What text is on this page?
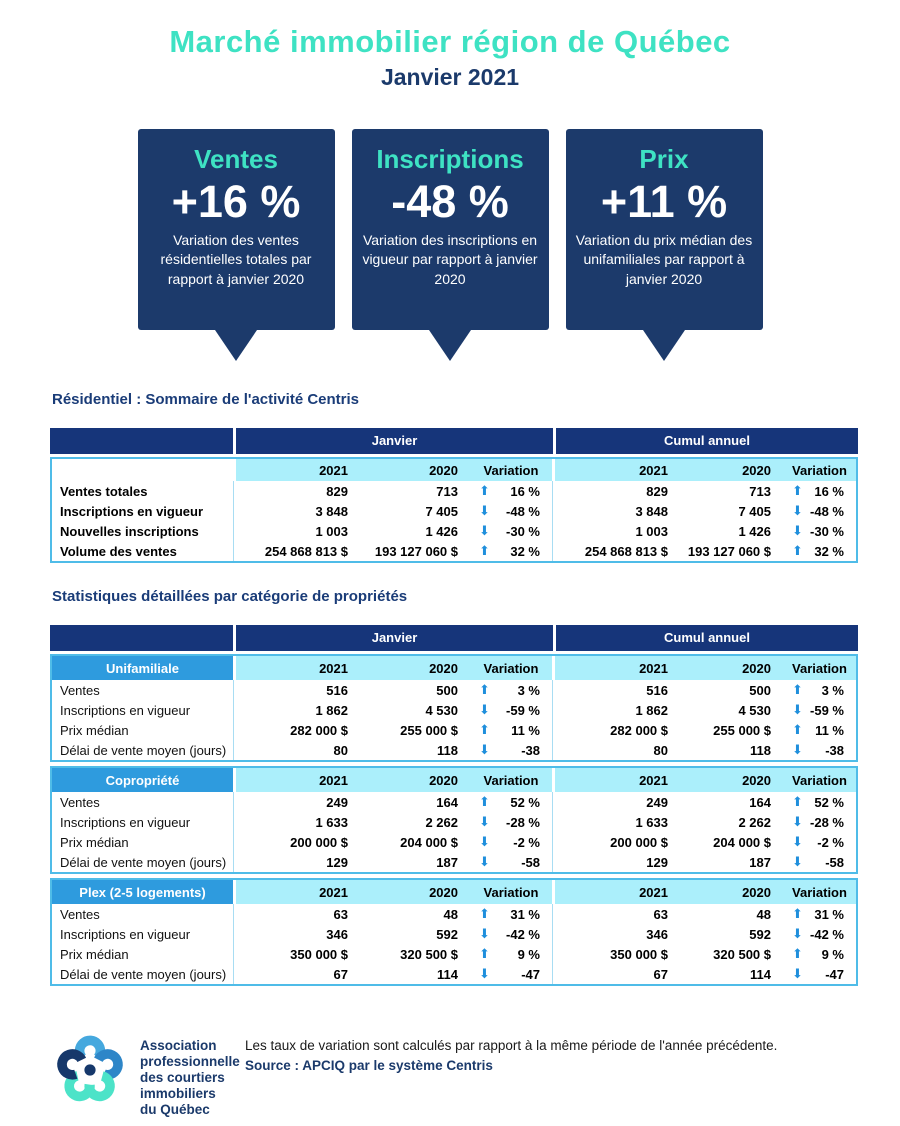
Marché immobilier région de Québec
Janvier 2021
Ventes
+16 %
Variation des ventes résidentielles totales par rapport à janvier 2020
Inscriptions
-48 %
Variation des inscriptions en vigueur par rapport à janvier 2020
Prix
+11 %
Variation du prix médian des unifamiliales par rapport à janvier 2020
Résidentiel : Sommaire de l'activité Centris
Janvier	Cumul annuel
2021	2020	Variation	2021	2020	Variation
Ventes totales	829	713	⬆ 16 %	829	713	⬆ 16 %
Inscriptions en vigueur	3 848	7 405	⬇ -48 %	3 848	7 405	⬇ -48 %
Nouvelles inscriptions	1 003	1 426	⬇ -30 %	1 003	1 426	⬇ -30 %
Volume des ventes	254 868 813 $	193 127 060 $	⬆ 32 %	254 868 813 $	193 127 060 $	⬆ 32 %
Statistiques détaillées par catégorie de propriétés
Janvier	Cumul annuel
Unifamiliale	2021	2020	Variation	2021	2020	Variation
Ventes	516	500	⬆ 3 %	516	500	⬆ 3 %
Inscriptions en vigueur	1 862	4 530	⬇ -59 %	1 862	4 530	⬇ -59 %
Prix médian	282 000 $	255 000 $	⬆ 11 %	282 000 $	255 000 $	⬆ 11 %
Délai de vente moyen (jours)	80	118	⬇ -38	80	118	⬇ -38
Copropriété	2021	2020	Variation	2021	2020	Variation
Ventes	249	164	⬆ 52 %	249	164	⬆ 52 %
Inscriptions en vigueur	1 633	2 262	⬇ -28 %	1 633	2 262	⬇ -28 %
Prix médian	200 000 $	204 000 $	⬇ -2 %	200 000 $	204 000 $	⬇ -2 %
Délai de vente moyen (jours)	129	187	⬇ -58	129	187	⬇ -58
Plex (2-5 logements)	2021	2020	Variation	2021	2020	Variation
Ventes	63	48	⬆ 31 %	63	48	⬆ 31 %
Inscriptions en vigueur	346	592	⬇ -42 %	346	592	⬇ -42 %
Prix médian	350 000 $	320 500 $	⬆ 9 %	350 000 $	320 500 $	⬆ 9 %
Délai de vente moyen (jours)	67	114	⬇ -47	67	114	⬇ -47
Association
professionnelle
des courtiers
immobiliers
du Québec
Les taux de variation sont calculés par rapport à la même période de l'année précédente.
Source : APCIQ par le système Centris
